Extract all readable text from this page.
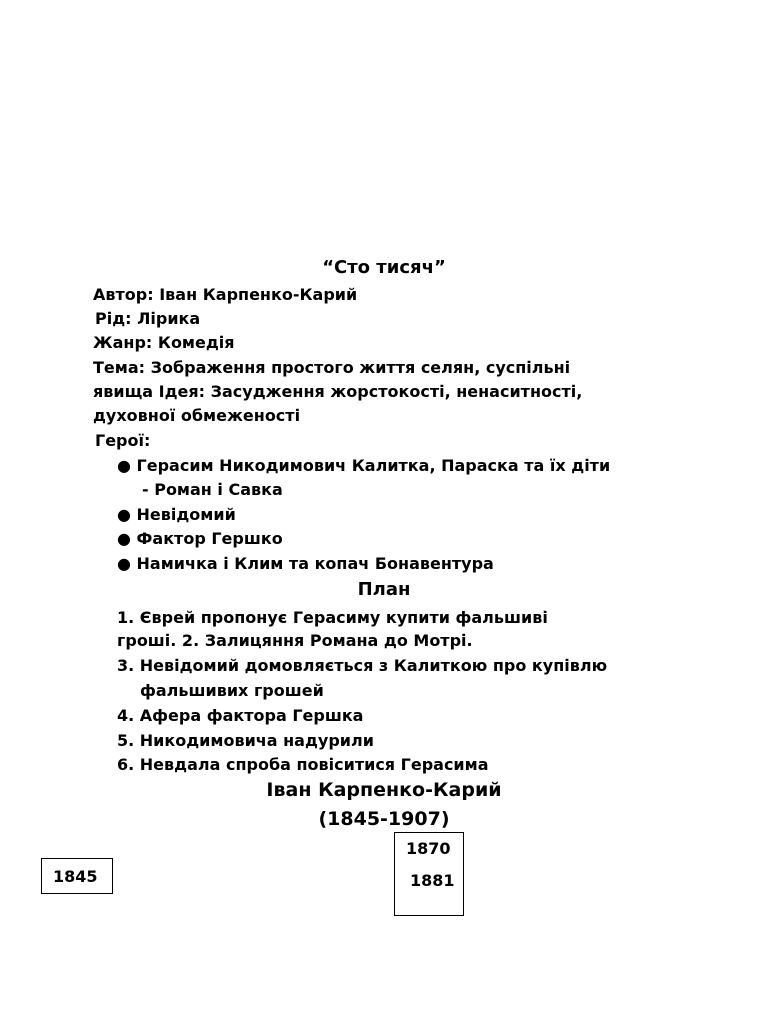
“Сто тисяч”
Автор: Іван Карпенко-Карий
Рід: Лірика
Жанр: Комедія
Тема: Зображення простого життя селян, суспільні
явища Ідея: Засудження жорстокості, ненаситності,
духовної обмеженості
Герої:
● Герасим Никодимович Калитка, Параска та їх діти
- Роман і Савка
● Невідомий
● Фактор Гершко
● Намичка і Клим та копач Бонавентура
План
1. Єврей пропонує Герасиму купити фальшиві
гроші. 2. Залицяння Романа до Мотрі.
3. Невідомий домовляється з Калиткою про купівлю
фальшивих грошей
4. Афера фактора Гершка
5. Никодимовича надурили
6. Невдала спроба повіситися Герасима
Іван Карпенко-Карий
(1845-1907)
1845
1870
1881
